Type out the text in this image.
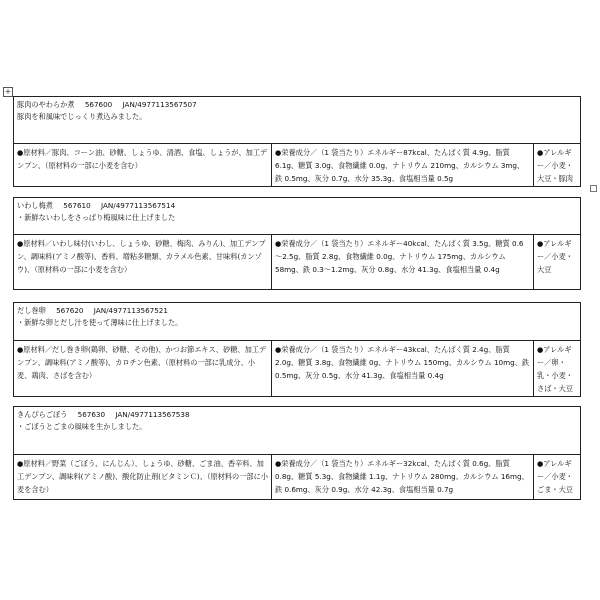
+
豚肉のやわらか煮 567600 JAN/4977113567507
豚肉を和風味でじっくり煮込みました。
●原材料／豚肉、コーン油、砂糖、しょうゆ、清酒、食塩、しょうが、加工デンプン、（原材料の一部に小麦を含む）
●栄養成分／（1 袋当たり）エネルギー87kcal、たんぱく質 4.9g、脂質 6.1g、糖質 3.0g、食物繊維 0.0g、ナトリウム 210mg、カルシウム 3mg、鉄 0.5mg、灰分 0.7g、水分 35.3g、食塩相当量 0.5g
●アレルギー／小麦・大豆・豚肉
いわし梅煮 567610 JAN/4977113567514
・新鮮ないわしをさっぱり梅風味に仕上げました
●原材料／いわし味付(いわし、しょうゆ、砂糖、梅肉、みりん)、加工デンプン、調味料(アミノ酸等)、香料、増粘多糖類、カラメル色素、甘味料(カンゾウ)、（原材料の一部に小麦を含む）
●栄養成分／（1 袋当たり）エネルギー40kcal、たんぱく質 3.5g、糖質 0.6～2.5g、脂質 2.8g、食物繊維 0.0g、ナトリウム 175mg、カルシウム 58mg、鉄 0.3～1.2mg、灰分 0.8g、水分 41.3g、食塩相当量 0.4g
●アレルギー／小麦・大豆
だし巻卵 567620 JAN/4977113567521
・新鮮な卵とだし汁を使って薄味に仕上げました。
●原材料／だし巻き卵(鶏卵、砂糖、その他)、かつお節エキス、砂糖、加工デンプン、調味料(アミノ酸等)、カロチン色素、（原材料の一部に乳成分、小麦、鶏肉、さばを含む）
●栄養成分／（1 袋当たり）エネルギー43kcal、たんぱく質 2.4g、脂質 2.0g、糖質 3.8g、食物繊維 0g、ナトリウム 150mg、カルシウム 10mg、鉄 0.5mg、灰分 0.5g、水分 41.3g、食塩相当量 0.4g
●アレルギー／卵・乳・小麦・さば・大豆
きんぴらごぼう 567630 JAN/4977113567538
・ごぼうとごまの風味を生かしました。
●原材料／野菜（ごぼう、にんじん）、しょうゆ、砂糖、ごま油、香辛料、加工デンプン、調味料(アミノ酸)、酸化防止剤(ビタミンＣ)、（原材料の一部に小麦を含む）
●栄養成分／（1 袋当たり）エネルギー32kcal、たんぱく質 0.6g、脂質 0.8g、糖質 5.3g、食物繊維 1.1g、ナトリウム 280mg、カルシウム 16mg、鉄 0.6mg、灰分 0.9g、水分 42.3g、食塩相当量 0.7g
●アレルギー／小麦・ごま・大豆
